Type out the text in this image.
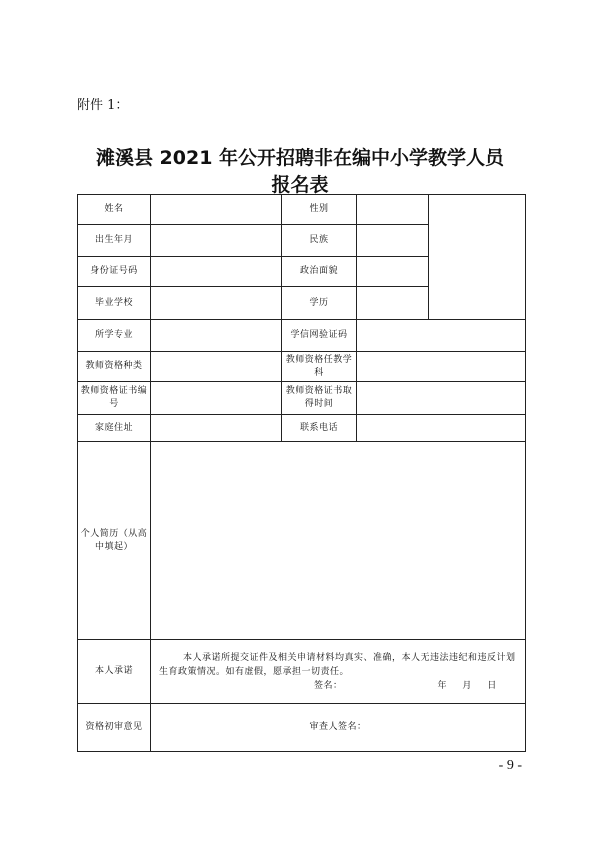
附件 1：
滩溪县 2021 年公开招聘非在编中小学教学人员
报名表
姓名		性别		
出生年月		民族		
身份证号码		政治面貌		
毕业学校		学历		
所学专业		学信网验证码		
教师资格种类		教师资格任教学科		
教师资格证书编号		教师资格证书取得时间		
家庭住址		联系电话		
个人简历（从高中填起）				
本人承诺	本人承诺所提交证件及相关申请材料均真实、准确，本人无违法违纪和违反计划生育政策情况。如有虚假，愿承担一切责任。
签名： 年 月 日			

资格初审意见	审查人签名：			
- 9 -
